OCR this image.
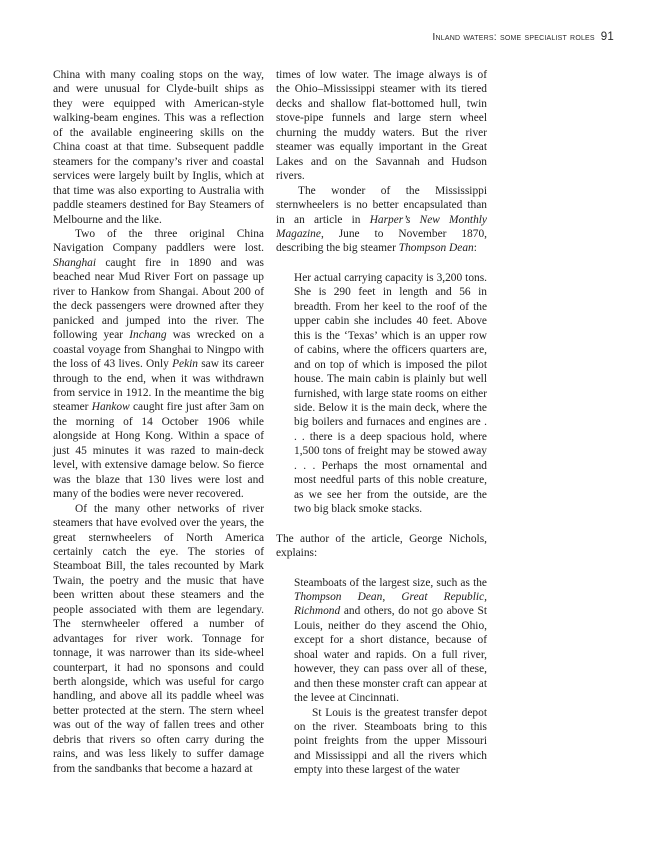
Inland waters: some specialist roles 91

China with many coaling stops on the way, and were unusual for Clyde-built ships as they were equipped with American-style walking-beam engines. This was a reflection of the available engineering skills on the China coast at that time. Subsequent paddle steamers for the company’s river and coastal services were largely built by Inglis, which at that time was also exporting to Australia with paddle steamers destined for Bay Steamers of Melbourne and the like.

Two of the three original China Navigation Company paddlers were lost. Shanghai caught fire in 1890 and was beached near Mud River Fort on passage up river to Hankow from Shangai. About 200 of the deck passengers were drowned after they panicked and jumped into the river. The following year Inchang was wrecked on a coastal voyage from Shanghai to Ningpo with the loss of 43 lives. Only Pekin saw its career through to the end, when it was withdrawn from service in 1912. In the meantime the big steamer Hankow caught fire just after 3am on the morning of 14 October 1906 while alongside at Hong Kong. Within a space of just 45 minutes it was razed to main-deck level, with extensive damage below. So fierce was the blaze that 130 lives were lost and many of the bodies were never recovered.

Of the many other networks of river steamers that have evolved over the years, the great sternwheelers of North America certainly catch the eye. The stories of Steamboat Bill, the tales recounted by Mark Twain, the poetry and the music that have been written about these steamers and the people associated with them are legendary. The sternwheeler offered a number of advantages for river work. Tonnage for tonnage, it was narrower than its side-wheel counterpart, it had no sponsons and could berth alongside, which was useful for cargo handling, and above all its paddle wheel was better protected at the stern. The stern wheel was out of the way of fallen trees and other debris that rivers so often carry during the rains, and was less likely to suffer damage from the sandbanks that become a hazard at

times of low water. The image always is of the Ohio–Mississippi steamer with its tiered decks and shallow flat-bottomed hull, twin stove-pipe funnels and large stern wheel churning the muddy waters. But the river steamer was equally important in the Great Lakes and on the Savannah and Hudson rivers.

The wonder of the Mississippi sternwheelers is no better encapsulated than in an article in Harper’s New Monthly Magazine, June to November 1870, describing the big steamer Thompson Dean:

Her actual carrying capacity is 3,200 tons. She is 290 feet in length and 56 in breadth. From her keel to the roof of the upper cabin she includes 40 feet. Above this is the ‘Texas’ which is an upper row of cabins, where the officers quarters are, and on top of which is imposed the pilot house. The main cabin is plainly but well furnished, with large state rooms on either side. Below it is the main deck, where the big boilers and furnaces and engines are . . . there is a deep spacious hold, where 1,500 tons of freight may be stowed away . . . Perhaps the most ornamental and most needful parts of this noble creature, as we see her from the outside, are the two big black smoke stacks.

The author of the article, George Nichols, explains:

Steamboats of the largest size, such as the Thompson Dean, Great Republic, Richmond and others, do not go above St Louis, neither do they ascend the Ohio, except for a short distance, because of shoal water and rapids. On a full river, however, they can pass over all of these, and then these monster craft can appear at the levee at Cincinnati.

St Louis is the greatest transfer depot on the river. Steamboats bring to this point freights from the upper Missouri and Mississippi and all the rivers which empty into these largest of the water
